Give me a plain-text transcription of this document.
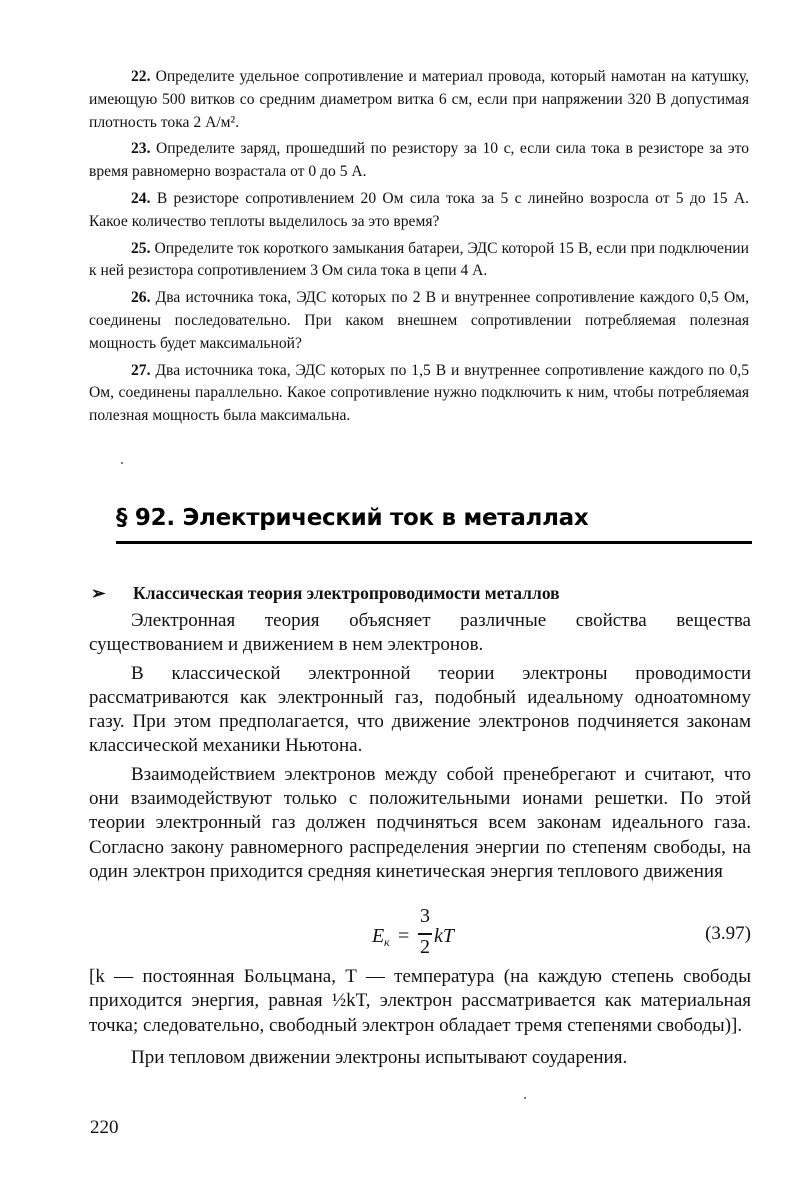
22. Определите удельное сопротивление и материал провода, который намотан на катушку, имеющую 500 витков со средним диаметром витка 6 см, если при напряжении 320 В допустимая плотность тока 2 А/м².

23. Определите заряд, прошедший по резистору за 10 с, если сила тока в резисторе за это время равномерно возрастала от 0 до 5 А.

24. В резисторе сопротивлением 20 Ом сила тока за 5 с линейно возросла от 5 до 15 А. Какое количество теплоты выделилось за это время?

25. Определите ток короткого замыкания батареи, ЭДС которой 15 В, если при подключении к ней резистора сопротивлением 3 Ом сила тока в цепи 4 А.

26. Два источника тока, ЭДС которых по 2 В и внутреннее сопротивление каждого 0,5 Ом, соединены последовательно. При каком внешнем сопротивлении потребляемая полезная мощность будет максимальной?

27. Два источника тока, ЭДС которых по 1,5 В и внутреннее сопротивление каждого по 0,5 Ом, соединены параллельно. Какое сопротивление нужно подключить к ним, чтобы потребляемая полезная мощность была максимальна.

§ 92. Электрический ток в металлах
➢ Классическая теория электропроводимости металлов

Электронная теория объясняет различные свойства вещества существованием и движением в нем электронов.

В классической электронной теории электроны проводимости рассматриваются как электронный газ, подобный идеальному одноатомному газу. При этом предполагается, что движение электронов подчиняется законам классической механики Ньютона.

Взаимодействием электронов между собой пренебрегают и считают, что они взаимодействуют только с положительными ионами решетки. По этой теории электронный газ должен подчиняться всем законам идеального газа. Согласно закону равномерного распределения энергии по степеням свободы, на один электрон приходится средняя кинетическая энергия теплового движения

E к =
3
2 kT	(3.97)

[k — постоянная Больцмана, T — температура (на каждую степень свободы приходится энергия, равная ½kT, электрон рассматривается как материальная точка; следовательно, свободный электрон обладает тремя степенями свободы)].

При тепловом движении электроны испытывают соударения.

220
